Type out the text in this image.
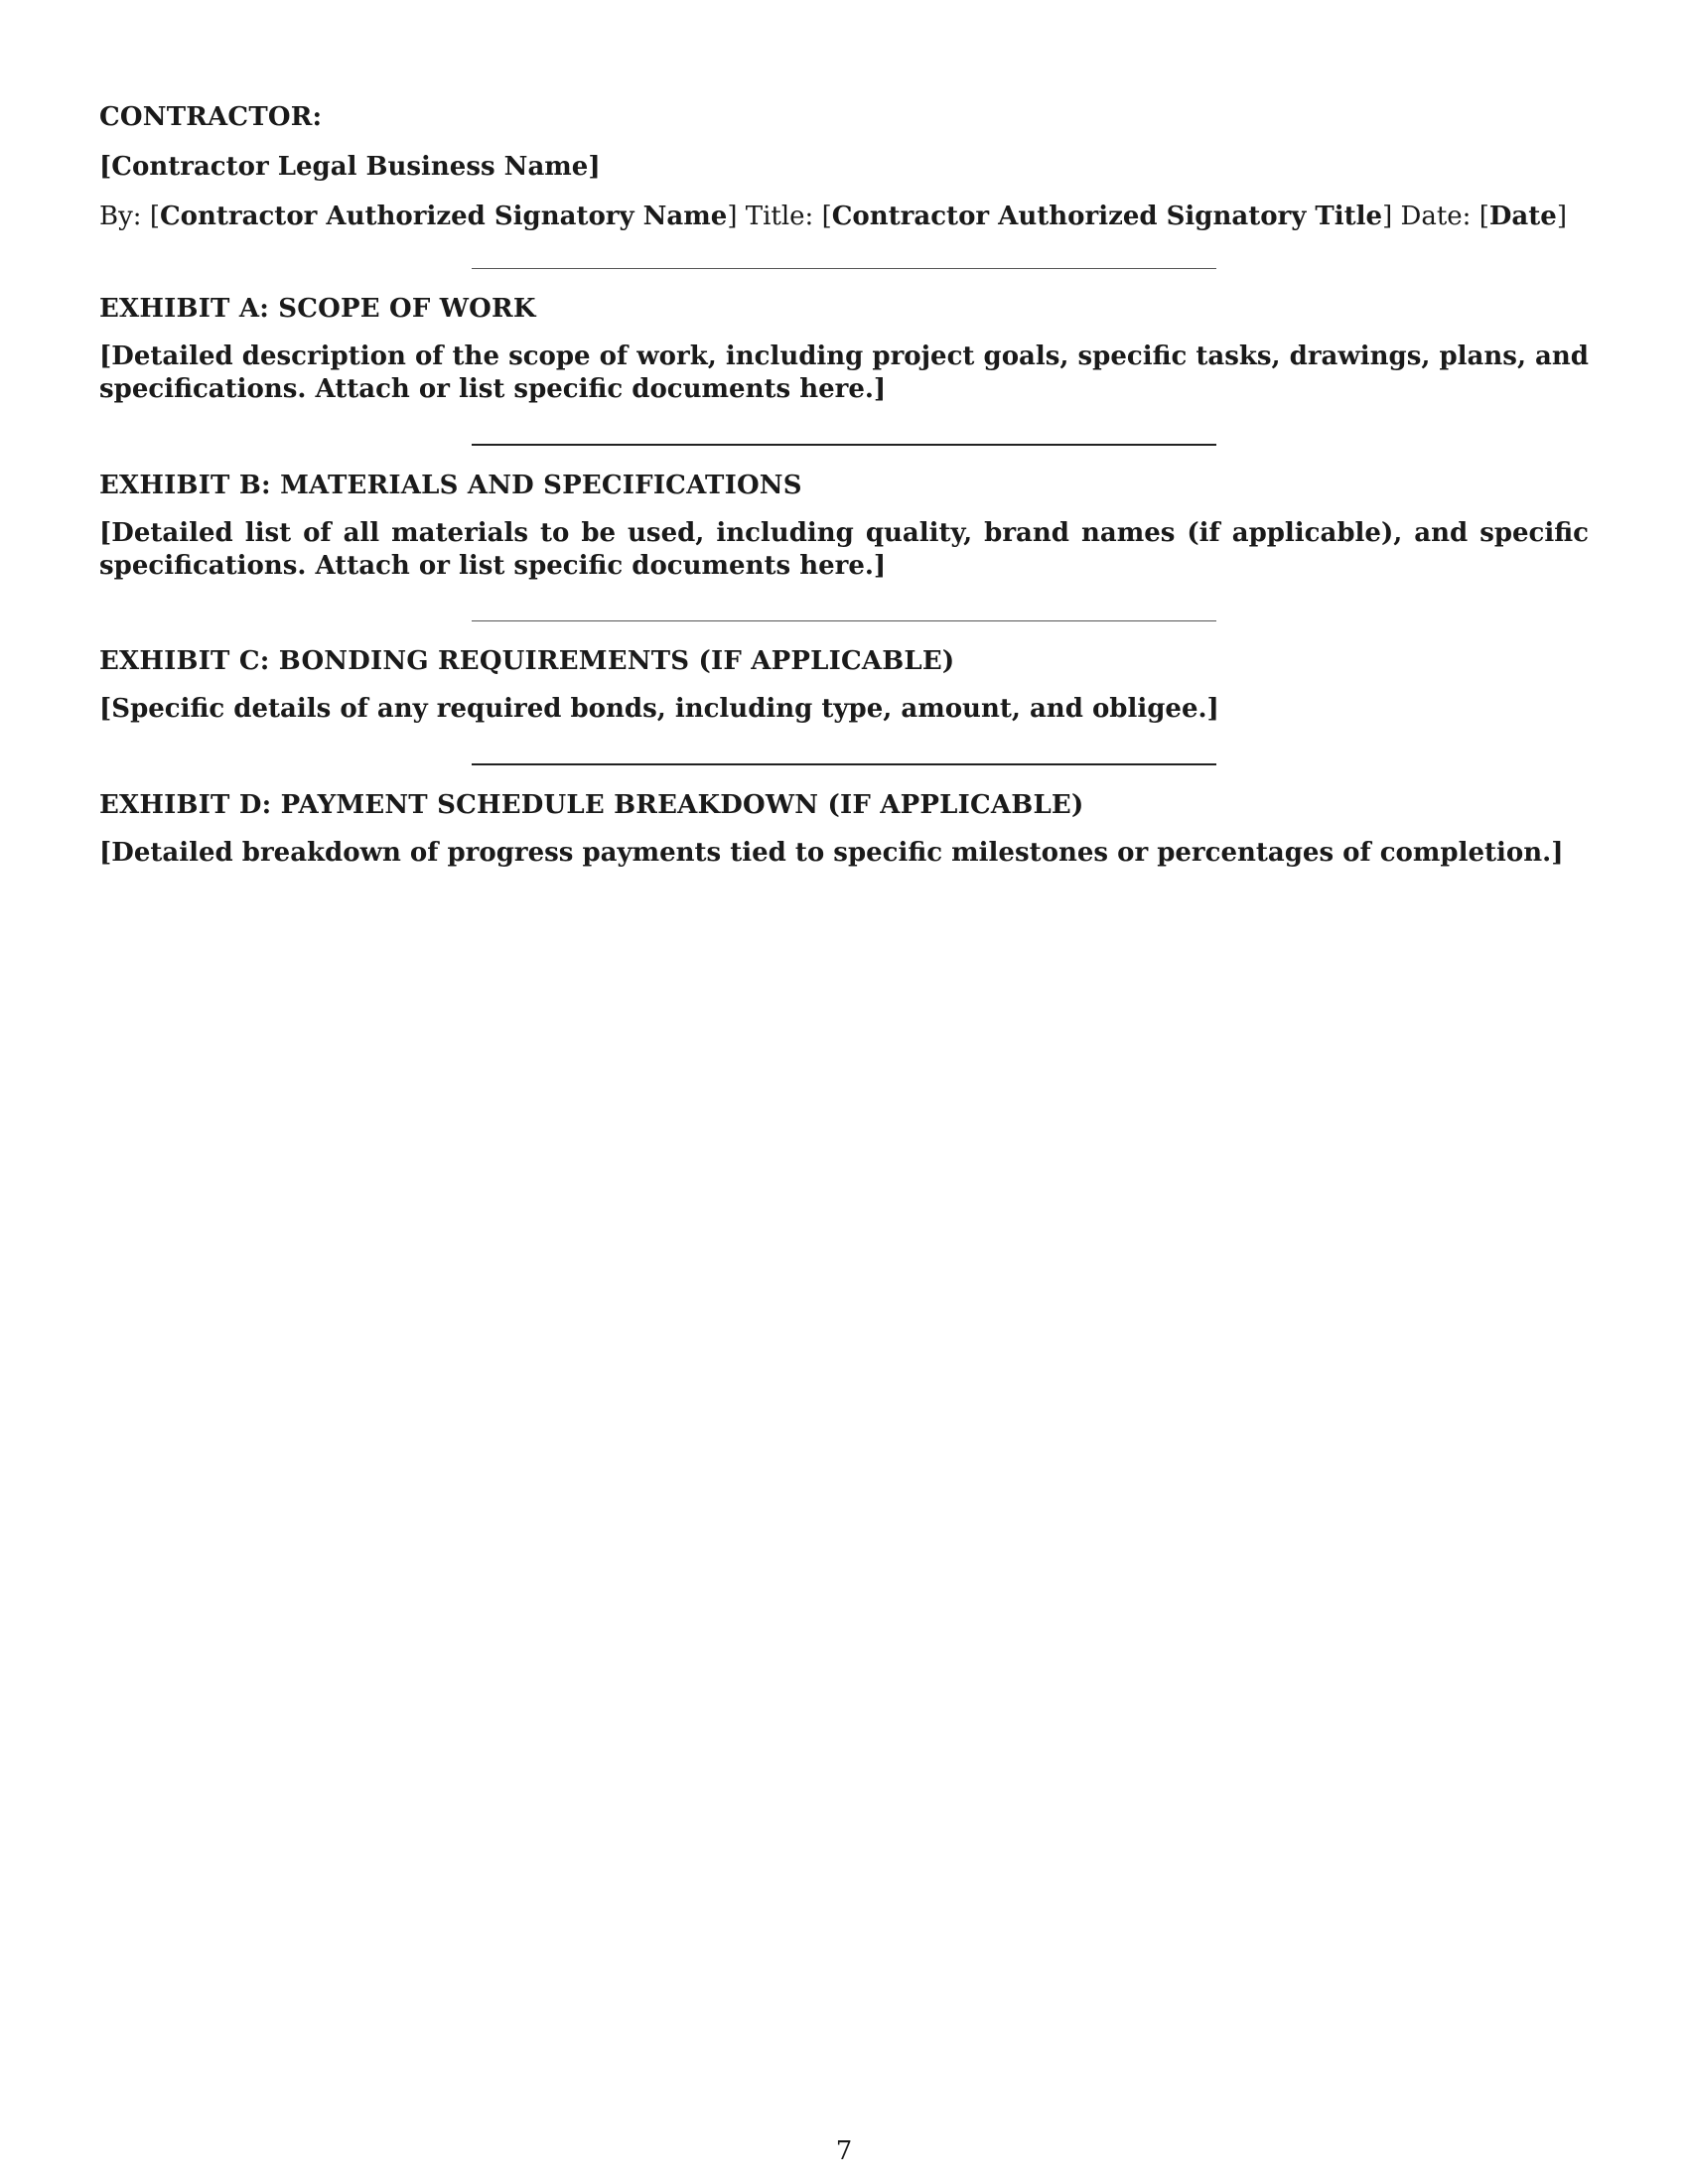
CONTRACTOR:

[Contractor Legal Business Name]

By: [Contractor Authorized Signatory Name] Title: [Contractor Authorized Signatory Title] Date: [Date]

EXHIBIT A: SCOPE OF WORK

[Detailed description of the scope of work, including project goals, specific tasks, drawings, plans, and specifications. Attach or list specific documents here.]

EXHIBIT B: MATERIALS AND SPECIFICATIONS

[Detailed list of all materials to be used, including quality, brand names (if applicable), and specific specifications. Attach or list specific documents here.]

EXHIBIT C: BONDING REQUIREMENTS (IF APPLICABLE)

[Specific details of any required bonds, including type, amount, and obligee.]

EXHIBIT D: PAYMENT SCHEDULE BREAKDOWN (IF APPLICABLE)

[Detailed breakdown of progress payments tied to specific milestones or percentages of completion.]

7
